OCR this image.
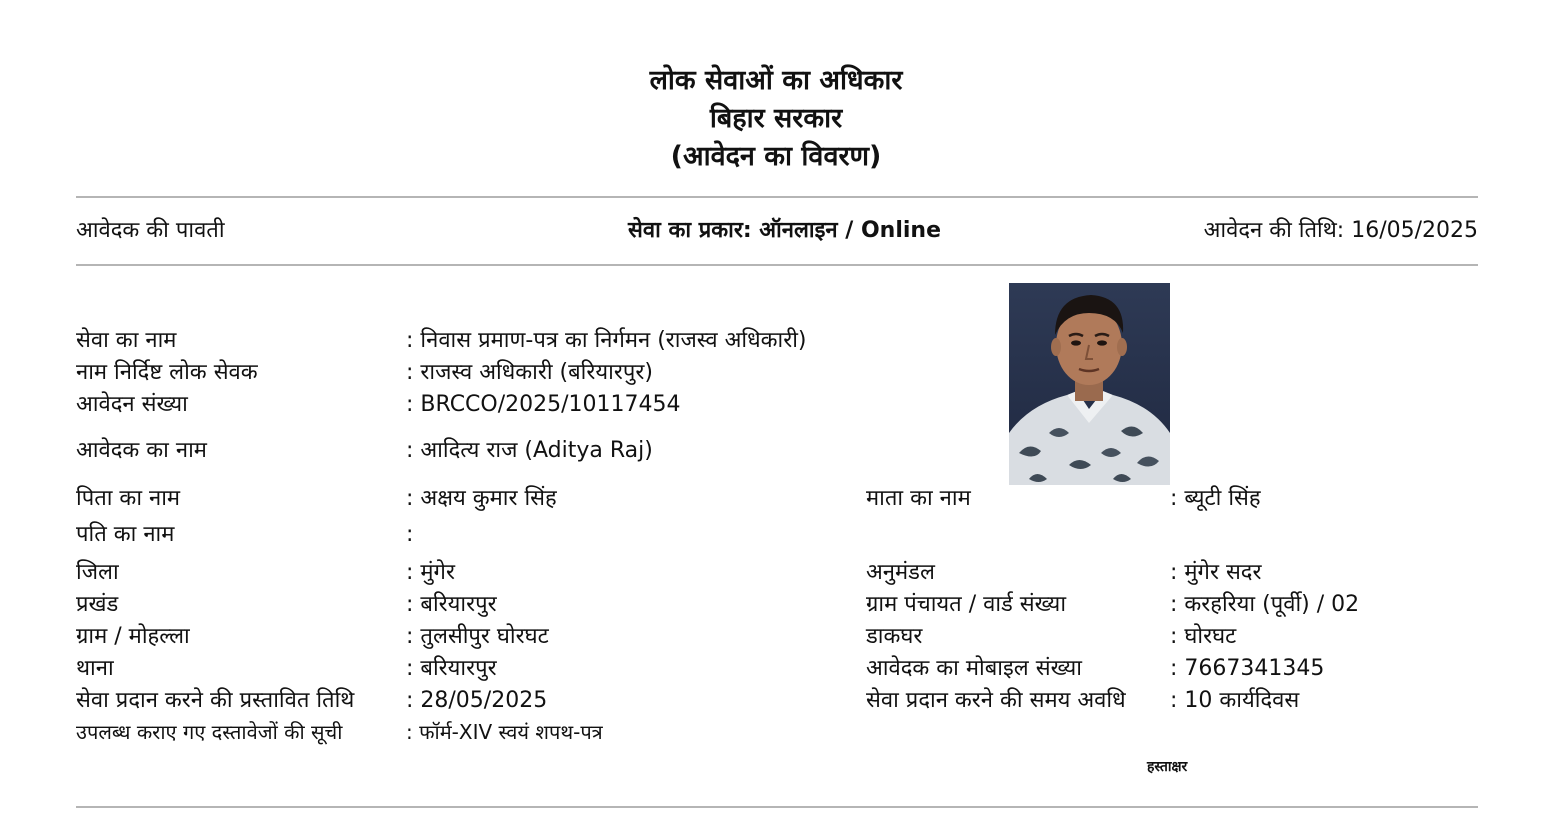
लोक सेवाओं का अधिकार
बिहार सरकार
(आवेदन का विवरण)
आवेदक की पावती	सेवा का प्रकार: ऑनलाइन / Online	आवेदन की तिथि: 16/05/2025
सेवा का नाम	: निवास प्रमाण-पत्र का निर्गमन (राजस्व अधिकारी)
नाम निर्दिष्ट लोक सेवक	: राजस्व अधिकारी (बरियारपुर)
आवेदन संख्या	: BRCCO/2025/10117454
आवेदक का नाम	: आदित्य राज (Aditya Raj)
पिता का नाम	: अक्षय कुमार सिंह	माता का नाम	: ब्यूटी सिंह
पति का नाम	:
जिला	: मुंगेर	अनुमंडल	: मुंगेर सदर
प्रखंड	: बरियारपुर	ग्राम पंचायत / वार्ड संख्या	: करहरिया (पूर्वी) / 02
ग्राम / मोहल्ला	: तुलसीपुर घोरघट	डाकघर	: घोरघट
थाना	: बरियारपुर	आवेदक का मोबाइल संख्या	: 7667341345
सेवा प्रदान करने की प्रस्तावित तिथि : 28/05/2025	सेवा प्रदान करने की समय अवधि : 10 कार्यदिवस
उपलब्ध कराए गए दस्तावेजों की सूची	: फॉर्म-XIV स्वयं शपथ-पत्र
हस्ताक्षर
